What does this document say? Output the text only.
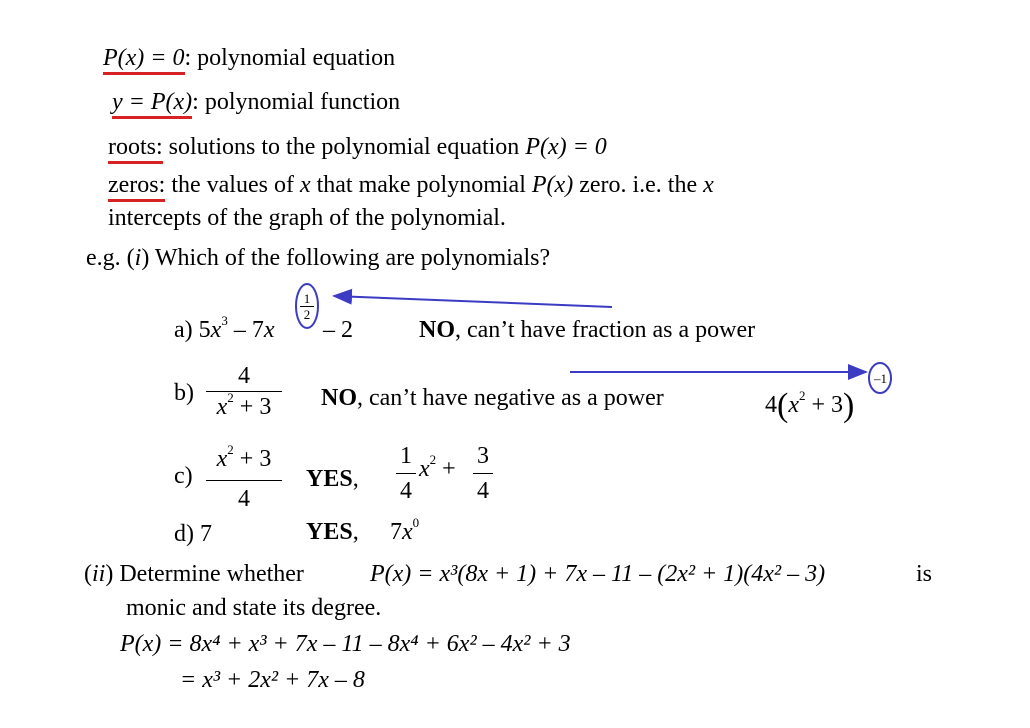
P(x) = 0: polynomial equation
y = P(x): polynomial function
roots: solutions to the polynomial equation P(x) = 0
zeros: the values of x that make polynomial P(x) zero. i.e. the x
intercepts of the graph of the polynomial.
e.g. (i) Which of the following are polynomials?
a) $5x^3 - 7x$
$\frac{1}{2}$
– 2	NO, can’t have fraction as a power
$b) \frac{4}{x^2 + 3}$ NO, can’t have negative as a power	$4(x^2 + 3)$
–1
$c) \frac{x^2 + 3}{4}$ YES, $\frac{1}{4} x^2 + \frac{3}{4}$
d) 7	YES, $7x^0$
(ii) Determine whether	P(x) = x³(8x + 1) + 7x – 11 – (2x² + 1)(4x² – 3)	is
monic and state its degree.
P(x) = 8x⁴ + x³ + 7x – 11 – 8x⁴ + 6x² – 4x² + 3
= x³ + 2x² + 7x – 8
